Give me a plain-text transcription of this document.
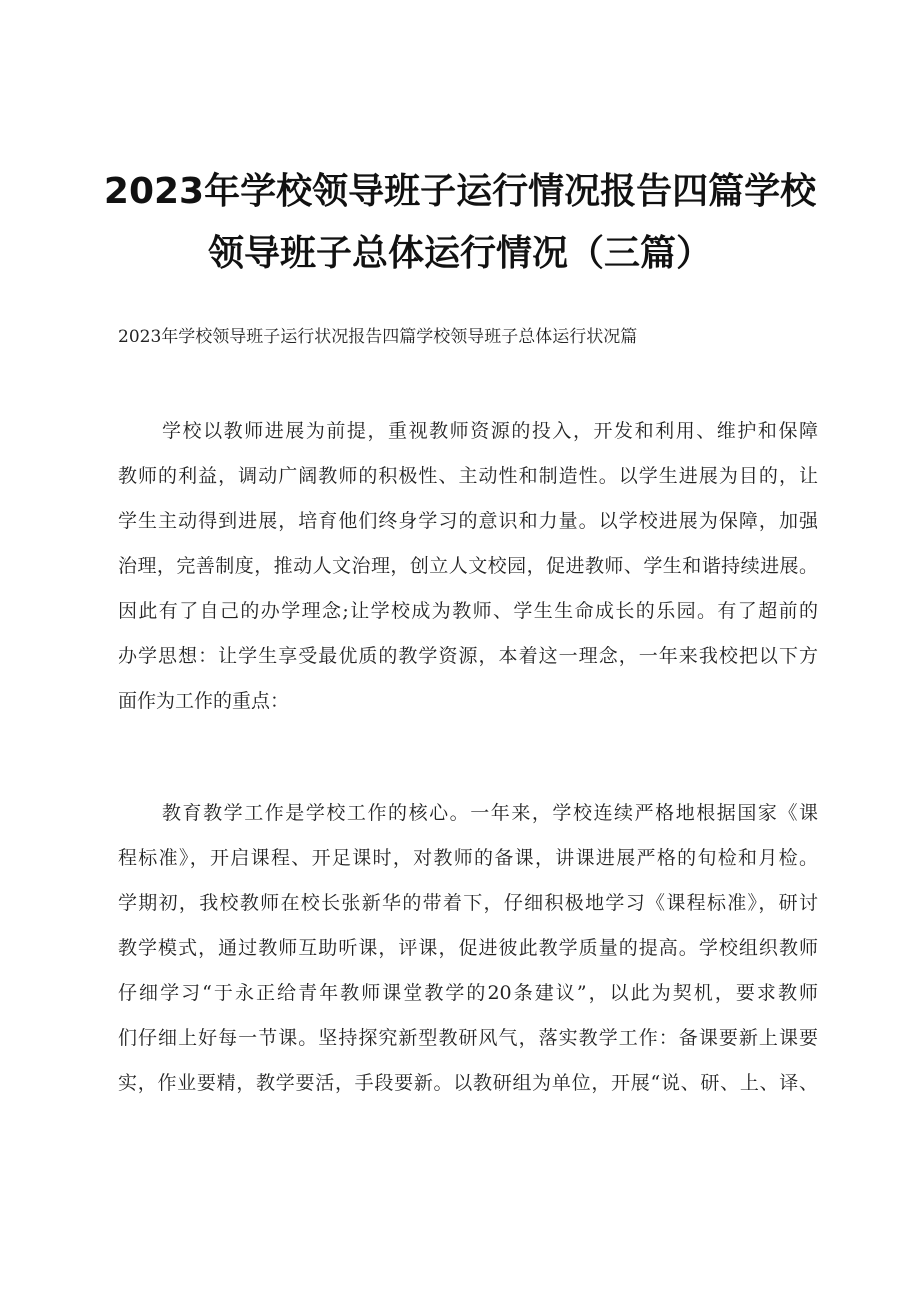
2023年学校领导班子运行情况报告四篇学校
领导班子总体运行情况（三篇）

2023年学校领导班子运行状况报告四篇学校领导班子总体运行状况篇

学校以教师进展为前提，重视教师资源的投入，开发和利用、维护和保障
教师的利益，调动广阔教师的积极性、主动性和制造性。以学生进展为目的，让
学生主动得到进展，培育他们终身学习的意识和力量。以学校进展为保障，加强
治理，完善制度，推动人文治理，创立人文校园，促进教师、学生和谐持续进展。
因此有了自己的办学理念;让学校成为教师、学生生命成长的乐园。有了超前的
办学思想：让学生享受最优质的教学资源，本着这一理念，一年来我校把以下方
面作为工作的重点：
教育教学工作是学校工作的核心。一年来，学校连续严格地根据国家《课
程标准》，开启课程、开足课时，对教师的备课，讲课进展严格的旬检和月检。
学期初，我校教师在校长张新华的带着下，仔细积极地学习《课程标准》，研讨
教学模式，通过教师互助听课，评课，促进彼此教学质量的提高。学校组织教师
仔细学习“于永正给青年教师课堂教学的20条建议”，以此为契机，要求教师
们仔细上好每一节课。坚持探究新型教研风气，落实教学工作：备课要新上课要
实，作业要精，教学要活，手段要新。以教研组为单位，开展“说、研、上、译、
